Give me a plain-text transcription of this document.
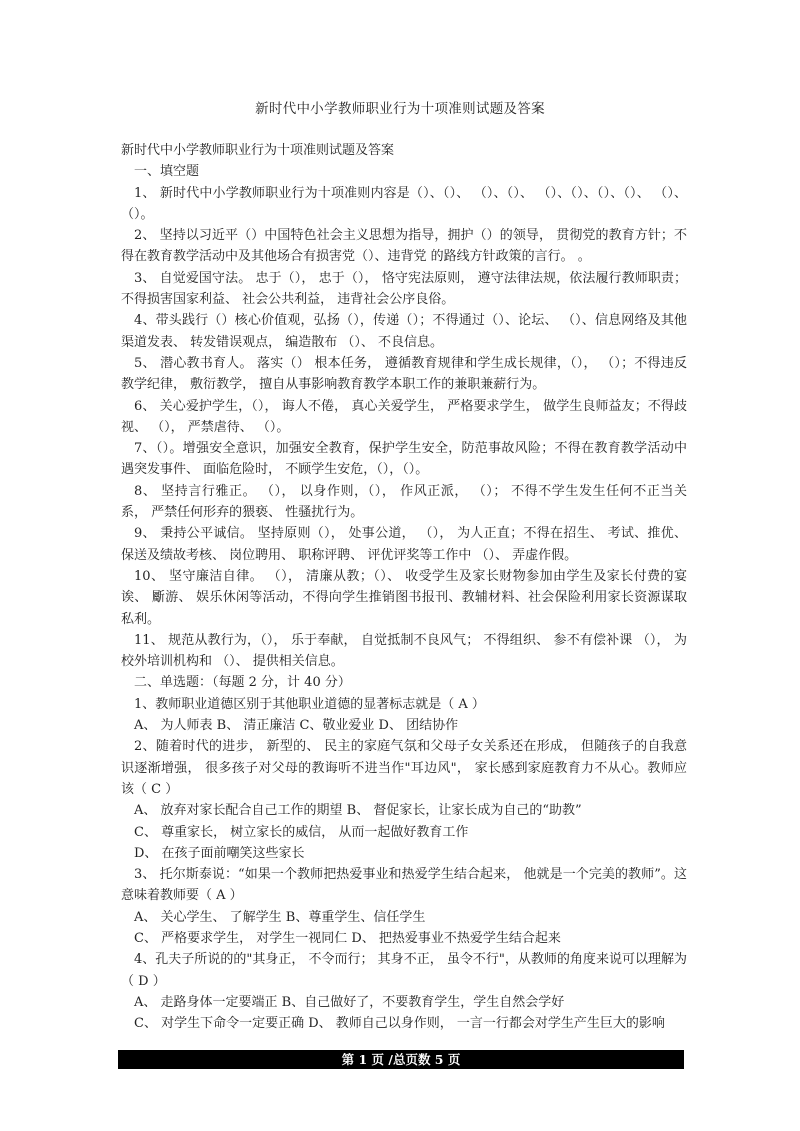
新时代中小学教师职业行为十项准则试题及答案

新时代中小学教师职业行为十项准则试题及答案

一、填空题

1、 新时代中小学教师职业行为十项准则内容是（）、（）、 （）、（）、 （）、（）、（）、（）、 （）、（）。

2、 坚持以习近平（）中国特色社会主义思想为指导，拥护（）的领导， 贯彻党的教育方针；不得在教育教学活动中及其他场合有损害党（）、违背党 的路线方针政策的言行。 。

3、 自觉爱国守法。 忠于（）， 忠于（）， 恪守宪法原则， 遵守法律法规，依法履行教师职责； 不得损害国家利益、 社会公共利益， 违背社会公序良俗。

4、带头践行（）核心价值观，弘扬（），传递（）；不得通过（）、论坛、 （）、信息网络及其他渠道发表、 转发错误观点， 编造散布 （）、 不良信息。

5、 潜心教书育人。 落实（） 根本任务， 遵循教育规律和学生成长规律，（）， （）；不得违反教学纪律， 敷衍教学， 擅自从事影响教育教学本职工作的兼职兼薪行为。

6、 关心爱护学生，（）， 诲人不倦， 真心关爱学生， 严格要求学生， 做学生良师益友；不得歧视、 （）， 严禁虐待、 （）。

7、（）。增强安全意识，加强安全教育，保护学生安全，防范事故风险；不得在教育教学活动中遇突发事件、 面临危险时， 不顾学生安危，（），（）。

8、 坚持言行雅正。 （）， 以身作则，（）， 作风正派， （）； 不得不学生发生任何不正当关系， 严禁任何形弃的猥亵、 性骚扰行为。

9、 秉持公平诚信。 坚持原则（）， 处事公道， （）， 为人正直；不得在招生、 考试、推优、 保送及绩故考核、 岗位聘用、 职称评聘、 评优评奖等工作中 （）、 弄虚作假。

10、 坚守廉洁自律。 （）， 清廉从教；（）、 收受学生及家长财物参加由学生及家长付费的宴诶、 斸游、 娱乐休闲等活动，不得向学生推销图书报刊、教辅材料、社会保险利用家长资源谋取私利。

11、 规范从教行为，（）， 乐于奉献， 自觉抵制不良风气； 不得组织、 参不有偿补课 （）， 为校外培训机构和 （）、 提供相关信息。

二、单选题：（每题 2 分，计 40 分）

1、教师职业道德区别于其他职业道德的显著标志就是（ A ）

A、 为人师表 B、 清正廉洁 C、敬业爱业 D、 团结协作

2、随着时代的进步， 新型的、 民主的家庭气氛和父母子女关系还在形成， 但随孩子的自我意识逐渐增强， 很多孩子对父母的教诲听不进当作"耳边风"， 家长感到家庭教育力不从心。教师应该（ C ）

A、 放弃对家长配合自己工作的期望 B、 督促家长，让家长成为自己的“助教”

C、 尊重家长， 树立家长的威信， 从而一起做好教育工作

D、 在孩子面前嘲笑这些家长

3、 托尔斯泰说：“如果一个教师把热爱事业和热爱学生结合起来， 他就是一个完美的教师”。这意味着教师要（ A ）

A、 关心学生、 了解学生 B、尊重学生、信任学生

C、 严格要求学生， 对学生一视同仁 D、 把热爱事业不热爱学生结合起来

4、孔夫子所说的的"其身正， 不令而行； 其身不正， 虽令不行"，从教师的角度来说可以理解为（ D ）

A、 走路身体一定要端正 B、自己做好了，不要教育学生，学生自然会学好

C、 对学生下命令一定要正确 D、 教师自己以身作则， 一言一行都会对学生产生巨大的影响

第 1 页 /总页数 5 页
